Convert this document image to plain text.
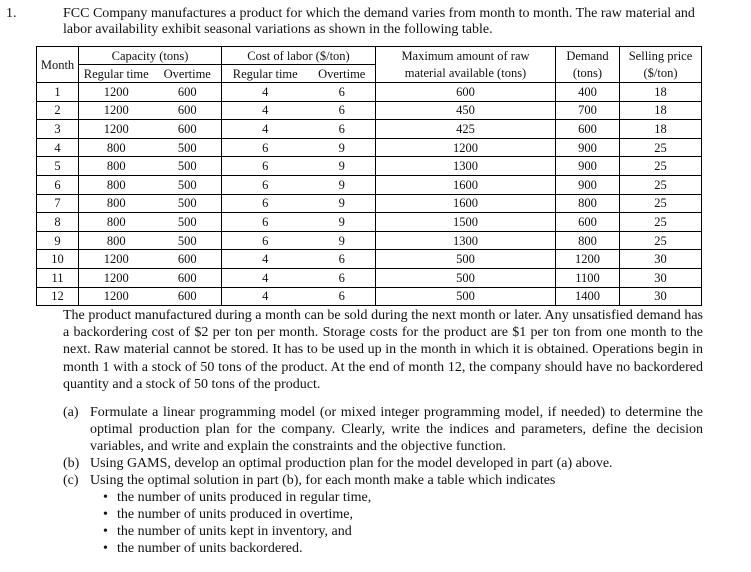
1.	FCC Company manufactures a product for which the demand varies from month to month. The raw material and labor availability exhibit seasonal variations as shown in the following table.
Month	Capacity (tons)		Cost of labor ($/ton)		Maximum amount of raw	Demand	Selling price
	Regular time	Overtime	Regular time	Overtime	material available (tons)	(tons)	($/ton)
1	1200	600	4	6	600	400	18
2	1200	600	4	6	450	700	18
3	1200	600	4	6	425	600	18
4	800	500	6	9	1200	900	25
5	800	500	6	9	1300	900	25
6	800	500	6	9	1600	900	25
7	800	500	6	9	1600	800	25
8	800	500	6	9	1500	600	25
9	800	500	6	9	1300	800	25
10	1200	600	4	6	500	1200	30
11	1200	600	4	6	500	1100	30
12	1200	600	4	6	500	1400	30
The product manufactured during a month can be sold during the next month or later. Any unsatisfied demand has a backordering cost of $2 per ton per month. Storage costs for the product are $1 per ton from one month to the next. Raw material cannot be stored. It has to be used up in the month in which it is obtained. Operations begin in month 1 with a stock of 50 tons of the product. At the end of month 12, the company should have no backordered quantity and a stock of 50 tons of the product.
(a) Formulate a linear programming model (or mixed integer programming model, if needed) to determine the optimal production plan for the company. Clearly, write the indices and parameters, define the decision variables, and write and explain the constraints and the objective function.
(b) Using GAMS, develop an optimal production plan for the model developed in part (a) above.
(c) Using the optimal solution in part (b), for each month make a table which indicates
• the number of units produced in regular time,
• the number of units produced in overtime,
• the number of units kept in inventory, and
• the number of units backordered.
